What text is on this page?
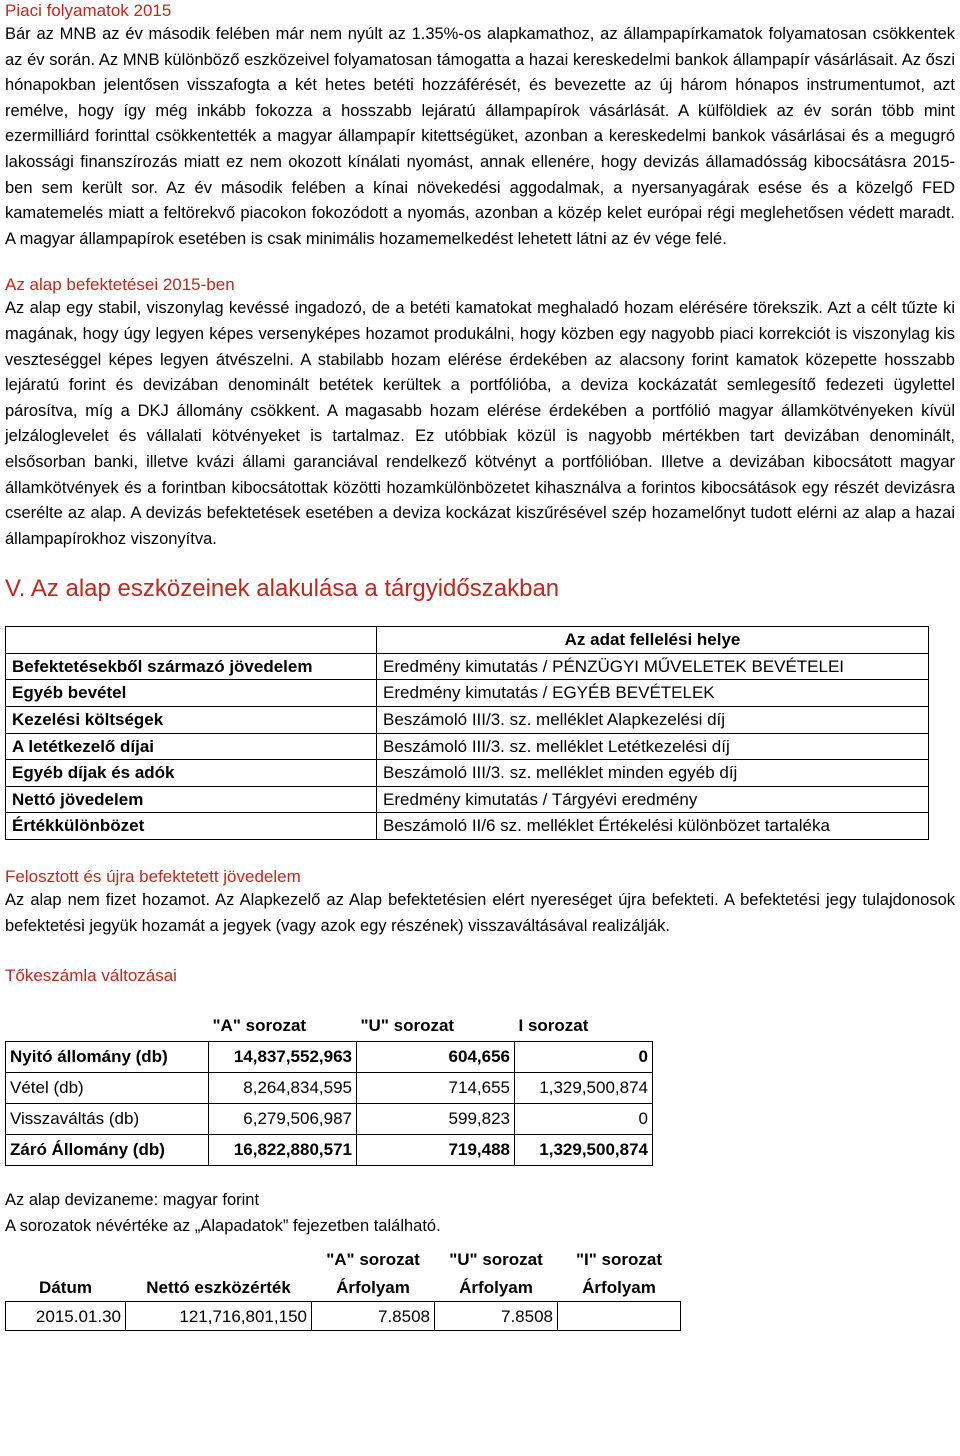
Piaci folyamatok 2015

Bár az MNB az év második felében már nem nyúlt az 1.35%-os alapkamathoz, az állampapírkamatok folyamatosan csökkentek az év során. Az MNB különböző eszközeivel folyamatosan támogatta a hazai kereskedelmi bankok állampapír vásárlásait. Az őszi hónapokban jelentősen visszafogta a két hetes betéti hozzáférését, és bevezette az új három hónapos instrumentumot, azt remélve, hogy így még inkább fokozza a hosszabb lejáratú állampapírok vásárlását. A külföldiek az év során több mint ezermilliárd forinttal csökkentették a magyar állampapír kitettségüket, azonban a kereskedelmi bankok vásárlásai és a megugró lakossági finanszírozás miatt ez nem okozott kínálati nyomást, annak ellenére, hogy devizás államadósság kibocsátásra 2015-ben sem került sor. Az év második felében a kínai növekedési aggodalmak, a nyersanyagárak esése és a közelgő FED kamatemelés miatt a feltörekvő piacokon fokozódott a nyomás, azonban a közép kelet európai régi meglehetősen védett maradt. A magyar állampapírok esetében is csak minimális hozamemelkedést lehetett látni az év vége felé.

Az alap befektetései 2015-ben

Az alap egy stabil, viszonylag kevéssé ingadozó, de a betéti kamatokat meghaladó hozam elérésére törekszik. Azt a célt tűzte ki magának, hogy úgy legyen képes versenyképes hozamot produkálni, hogy közben egy nagyobb piaci korrekciót is viszonylag kis veszteséggel képes legyen átvészelni. A stabilabb hozam elérése érdekében az alacsony forint kamatok közepette hosszabb lejáratú forint és devizában denominált betétek kerültek a portfólióba, a deviza kockázatát semlegesítő fedezeti ügylettel párosítva, míg a DKJ állomány csökkent. A magasabb hozam elérése érdekében a portfólió magyar államkötvényeken kívül jelzáloglevelet és vállalati kötvényeket is tartalmaz. Ez utóbbiak közül is nagyobb mértékben tart devizában denominált, elsősorban banki, illetve kvázi állami garanciával rendelkező kötvényt a portfólióban. Illetve a devizában kibocsátott magyar államkötvények és a forintban kibocsátottak közötti hozamkülönbözetet kihasználva a forintos kibocsátások egy részét devizásra cserélte az alap. A devizás befektetések esetében a deviza kockázat kiszűrésével szép hozamelőnyt tudott elérni az alap a hazai állampapírokhoz viszonyítva.

V. Az alap eszközeinek alakulása a tárgyidőszakban

	Az adat fellelési helye
Befektetésekből származó jövedelem	Eredmény kimutatás / PÉNZÜGYI MŰVELETEK BEVÉTELEI
Egyéb bevétel	Eredmény kimutatás / EGYÉB BEVÉTELEK
Kezelési költségek	Beszámoló III/3. sz. melléklet Alapkezelési díj
A letétkezelő díjai	Beszámoló III/3. sz. melléklet Letétkezelési díj
Egyéb díjak és adók	Beszámoló III/3. sz. melléklet minden egyéb díj
Nettó jövedelem	Eredmény kimutatás / Tárgyévi eredmény
Értékkülönbözet	Beszámoló II/6 sz. melléklet Értékelési különbözet tartaléka

Felosztott és újra befektetett jövedelem

Az alap nem fizet hozamot. Az Alapkezelő az Alap befektetésien elért nyereséget újra befekteti. A befektetési jegy tulajdonosok befektetési jegyük hozamát a jegyek (vagy azok egy részének) visszaváltásával realizálják.

Tőkeszámla változásai

	"A" sorozat	"U" sorozat	I sorozat
Nyitó állomány (db)	14,837,552,963	604,656	0
Vétel (db)	8,264,834,595	714,655	1,329,500,874
Visszaváltás (db)	6,279,506,987	599,823	0
Záró Állomány (db)	16,822,880,571	719,488	1,329,500,874

Az alap devizaneme: magyar forint

A sorozatok névértéke az „Alapadatok” fejezetben található.

		"A" sorozat	"U" sorozat	"I" sorozat
Dátum	Nettó eszközérték	Árfolyam	Árfolyam	Árfolyam
2015.01.30	121,716,801,150	7.8508	7.8508	
